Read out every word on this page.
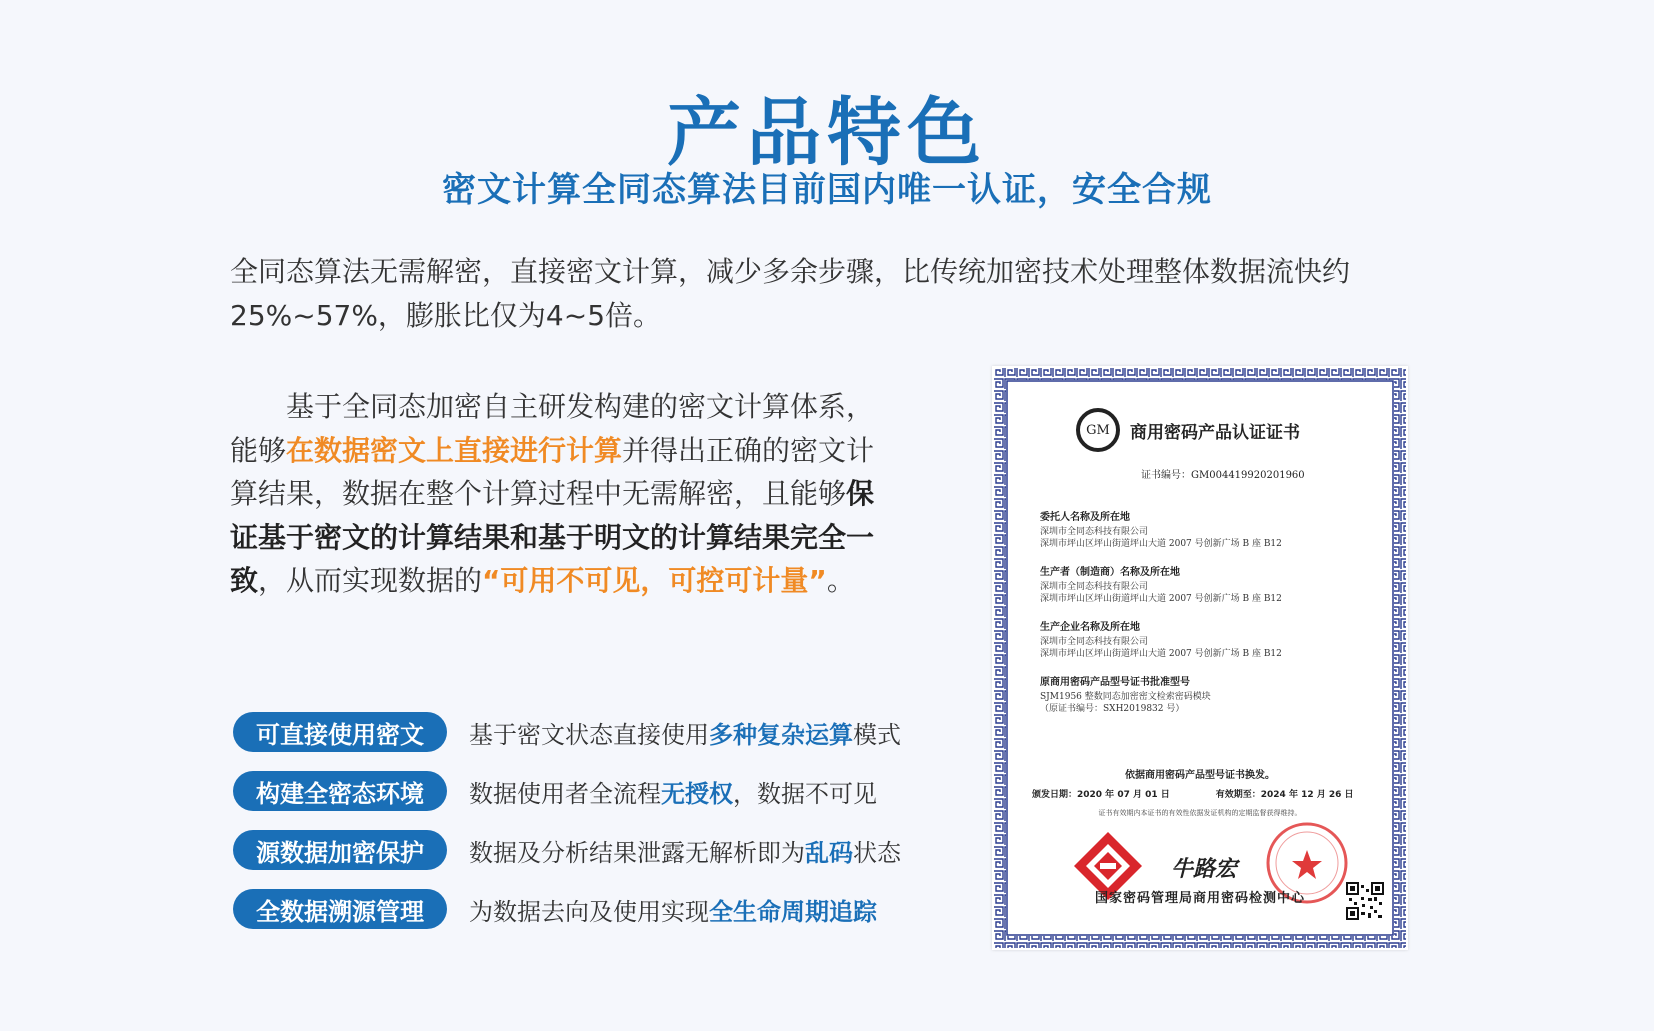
产品特色
密文计算全同态算法目前国内唯一认证，安全合规

全同态算法无需解密，直接密文计算，减少多余步骤，比传统加密技术处理整体数据流快约
25%~57%，膨胀比仅为4~5倍。

基于全同态加密自主研发构建的密文计算体系，能够在数据密文上直接进行计算并得出正确的密文计算结果，数据在整个计算过程中无需解密，且能够保证基于密文的计算结果和基于明文的计算结果完全一致，从而实现数据的“可用不可见，可控可计量”。

可直接使用密文	基于密文状态直接使用多种复杂运算模式
构建全密态环境	数据使用者全流程无授权，数据不可见
源数据加密保护	数据及分析结果泄露无解析即为乱码状态
全数据溯源管理	为数据去向及使用实现全生命周期追踪
GM	商用密码产品认证证书
证书编号：GM004419920201960
委托人名称及所在地
深圳市全同态科技有限公司
深圳市坪山区坪山街道坪山大道 2007 号创新广场 B 座 B12
生产者（制造商）名称及所在地
深圳市全同态科技有限公司
深圳市坪山区坪山街道坪山大道 2007 号创新广场 B 座 B12
生产企业名称及所在地
深圳市全同态科技有限公司
深圳市坪山区坪山街道坪山大道 2007 号创新广场 B 座 B12
原商用密码产品型号证书批准型号
SJM1956 整数同态加密密文检索密码模块
（原证书编号：SXH2019832 号）
依据商用密码产品型号证书换发。
颁发日期：2020 年 07 月 01 日	有效期至：2024 年 12 月 26 日
证书有效期内本证书的有效性依据发证机构的定期监督获得维持。
牛路宏
国家密码管理局商用密码检测中心
